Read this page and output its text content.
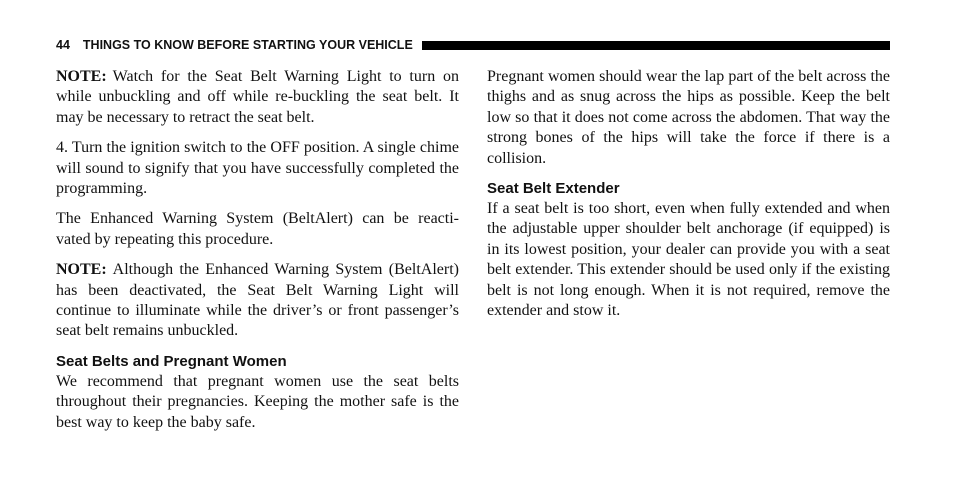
44 THINGS TO KNOW BEFORE STARTING YOUR VEHICLE

NOTE: Watch for the Seat Belt Warning Light to turn on while unbuckling and off while re-buckling the seat belt. It may be necessary to retract the seat belt.

4. Turn the ignition switch to the OFF position. A single chime will sound to signify that you have successfully completed the programming.

The Enhanced Warning System (BeltAlert) can be reacti- vated by repeating this procedure.

NOTE: Although the Enhanced Warning System (BeltAlert) has been deactivated, the Seat Belt Warning Light will continue to illuminate while the driver’s or front passenger’s seat belt remains unbuckled.

Seat Belts and Pregnant Women

We recommend that pregnant women use the seat belts throughout their pregnancies. Keeping the mother safe is the best way to keep the baby safe.

Pregnant women should wear the lap part of the belt across the thighs and as snug across the hips as possible. Keep the belt low so that it does not come across the abdomen. That way the strong bones of the hips will take the force if there is a collision.

Seat Belt Extender

If a seat belt is too short, even when fully extended and when the adjustable upper shoulder belt anchorage (if equipped) is in its lowest position, your dealer can provide you with a seat belt extender. This extender should be used only if the existing belt is not long enough. When it is not required, remove the extender and stow it.
